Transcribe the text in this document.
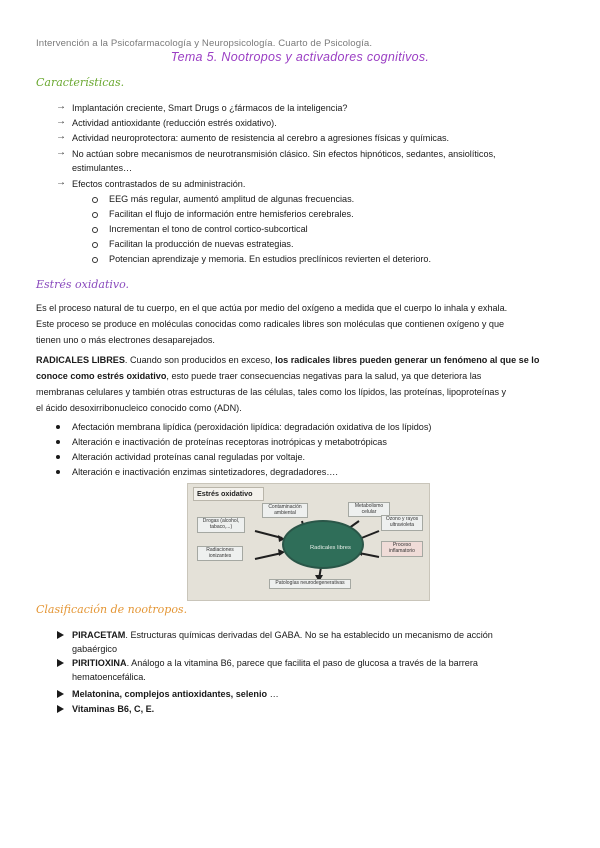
Intervención a la Psicofarmacología y Neuropsicología. Cuarto de Psicología.
Tema 5. Nootropos y activadores cognitivos.
Características.
→ Implantación creciente, Smart Drugs o ¿fármacos de la inteligencia?
→ Actividad antioxidante (reducción estrés oxidativo).
→ Actividad neuroprotectora: aumento de resistencia al cerebro a agresiones físicas y químicas.
→ No actúan sobre mecanismos de neurotransmisión clásico. Sin efectos hipnóticos, sedantes, ansiolíticos,
estimulantes…
→ Efectos contrastados de su administración.
EEG más regular, aumentó amplitud de algunas frecuencias.
Facilitan el flujo de información entre hemisferios cerebrales.
Incrementan el tono de control cortico-subcortical
Facilitan la producción de nuevas estrategias.
Potencian aprendizaje y memoria. En estudios preclínicos revierten el deterioro.
Estrés oxidativo.
Es el proceso natural de tu cuerpo, en el que actúa por medio del oxígeno a medida que el cuerpo lo inhala y exhala.
Este proceso se produce en moléculas conocidas como radicales libres son moléculas que contienen oxígeno y que
tienen uno o más electrones desaparejados.
RADICALES LIBRES. Cuando son producidos en exceso, los radicales libres pueden generar un fenómeno al que se lo
conoce como estrés oxidativo, esto puede traer consecuencias negativas para la salud, ya que deteriora las
membranas celulares y también otras estructuras de las células, tales como los lípidos, las proteínas, lipoproteínas y
el ácido desoxirribonucleico conocido como (ADN).
Afectación membrana lipídica (peroxidación lipídica: degradación oxidativa de los lípidos)
Alteración e inactivación de proteínas receptoras inotrópicas y metabotrópicas
Alteración actividad proteínas canal reguladas por voltaje.
Alteración e inactivación enzimas sintetizadores, degradadores….
Estrés oxidativo
Radicales libres
Contaminación ambiental
Metabolismo celular
Drogas (alcohol, tabaco,...)
Ozono y rayos ultravioleta
Radiaciones ionizantes
Proceso inflamatorio
Patologías neurodegenerativas
Clasificación de nootropos.
PIRACETAM. Estructuras químicas derivadas del GABA. No se ha establecido un mecanismo de acción
gabaérgico
PIRITIOXINA. Análogo a la vitamina B6, parece que facilita el paso de glucosa a través de la barrera
hematoencefálica.
Melatonina, complejos antioxidantes, selenio …
Vitaminas B6, C, E.
